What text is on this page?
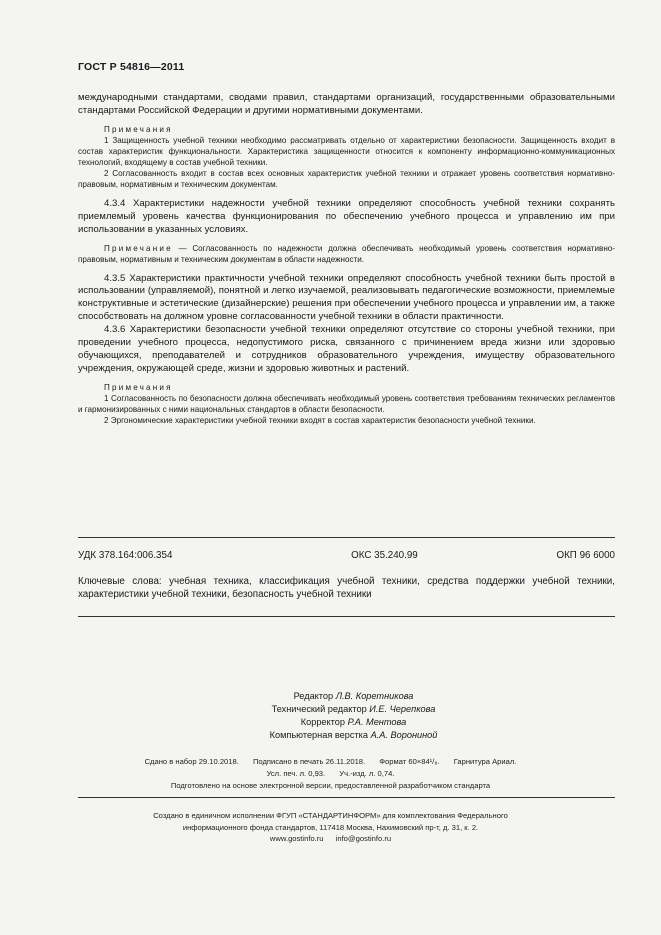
ГОСТ Р 54816—2011

международными стандартами, сводами правил, стандартами организаций, государственными образовательными стандартами Российской Федерации и другими нормативными документами.

Примечания

1 Защищенность учебной техники необходимо рассматривать отдельно от характеристики безопасности. Защищенность входит в состав характеристик функциональности. Характеристика защищенности относится к компоненту информационно-коммуникационных технологий, входящему в состав учебной техники.

2 Согласованность входит в состав всех основных характеристик учебной техники и отражает уровень соответствия нормативно-правовым, нормативным и техническим документам.

4.3.4 Характеристики надежности учебной техники определяют способность учебной техники сохранять приемлемый уровень качества функционирования по обеспечению учебного процесса и управлению им при использовании в указанных условиях.

Примечание — Согласованность по надежности должна обеспечивать необходимый уровень соответствия нормативно-правовым, нормативным и техническим документам в области надежности.

4.3.5 Характеристики практичности учебной техники определяют способность учебной техники быть простой в использовании (управляемой), понятной и легко изучаемой, реализовывать педагогические возможности, приемлемые конструктивные и эстетические (дизайнерские) решения при обеспечении учебного процесса и управлении им, а также способствовать на должном уровне согласованности учебной техники в области практичности.

4.3.6 Характеристики безопасности учебной техники определяют отсутствие со стороны учебной техники, при проведении учебного процесса, недопустимого риска, связанного с причинением вреда жизни или здоровью обучающихся, преподавателей и сотрудников образовательного учреждения, имуществу образовательного учреждения, окружающей среде, жизни и здоровью животных и растений.

Примечания

1 Согласованность по безопасности должна обеспечивать необходимый уровень соответствия требованиям технических регламентов и гармонизированных с ними национальных стандартов в области безопасности.

2 Эргономические характеристики учебной техники входят в состав характеристик безопасности учебной техники.

УДК 378.164:006.354	ОКС 35.240.99	ОКП 96 6000
Ключевые слова: учебная техника, классификация учебной техники, средства поддержки учебной техники, характеристики учебной техники, безопасность учебной техники
Редактор Л.В. Коретникова
Технический редактор И.Е. Черепкова
Корректор Р.А. Ментова
Компьютерная верстка А.А. Ворониной
Сдано в набор 29.10.2018. Подписано в печать 26.11.2018. Формат 60×84¹/₈. Гарнитура Ариал.
Усл. печ. л. 0,93. Уч.-изд. л. 0,74.
Подготовлено на основе электронной версии, предоставленной разработчиком стандарта
Создано в единичном исполнении ФГУП «СТАНДАРТИНФОРМ» для комплектования Федерального
информационного фонда стандартов, 117418 Москва, Нахимовский пр-т, д. 31, к. 2.
www.gostinfo.ru info@gostinfo.ru
